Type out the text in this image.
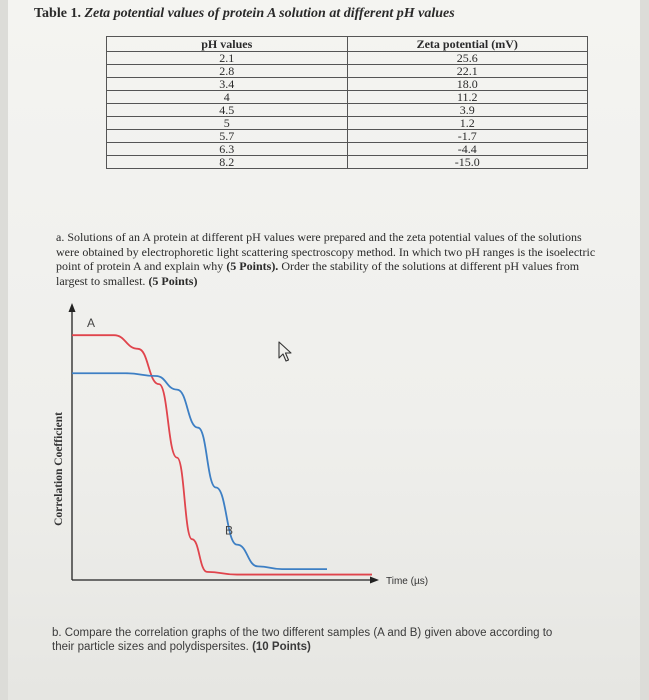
Table 1. Zeta potential values of protein A solution at different pH values
pH values	Zeta potential (mV)
2.1	25.6
2.8	22.1
3.4	18.0
4	11.2
4.5	3.9
5	1.2
5.7	-1.7
6.3	-4.4
8.2	-15.0
a. Solutions of an A protein at different pH values were prepared and the zeta potential values of the solutions were obtained by electrophoretic light scattering spectroscopy method. In which two pH ranges is the isoelectric point of protein A and explain why (5 Points). Order the stability of the solutions at different pH values from largest to smallest. (5 Points)
Correlation Coefficient
Time (µs)
A
B
b. Compare the correlation graphs of the two different samples (A and B) given above according to their particle sizes and polydispersites. (10 Points)
